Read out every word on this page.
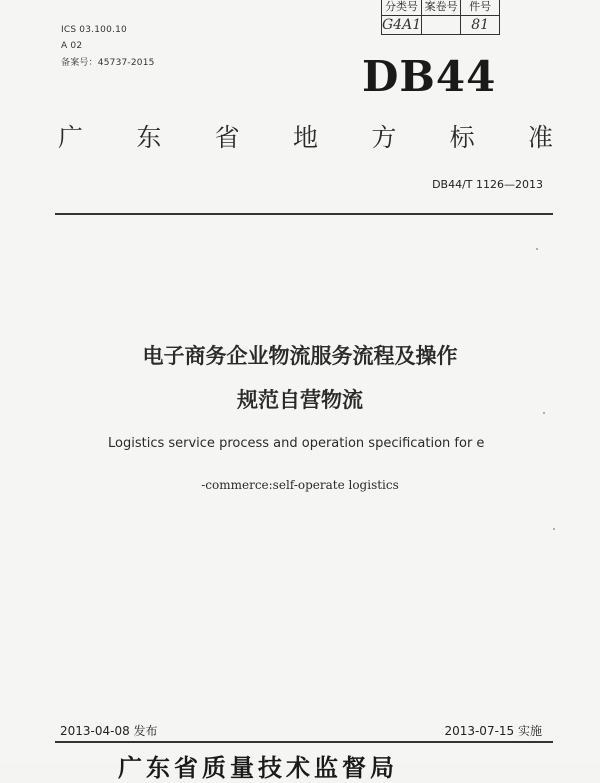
分类号	案卷号	件号
G4A1		81
ICS 03.100.10
A 02
备案号：45737-2015	DB44
广 东 省 地 方 标 准
DB44/T 1126—2013
电子商务企业物流服务流程及操作
规范自营物流
Logistics service process and operation specification for e
-commerce:self-operate logistics
2013-04-08 发布	2013-07-15 实施
广东省质量技术监督局
